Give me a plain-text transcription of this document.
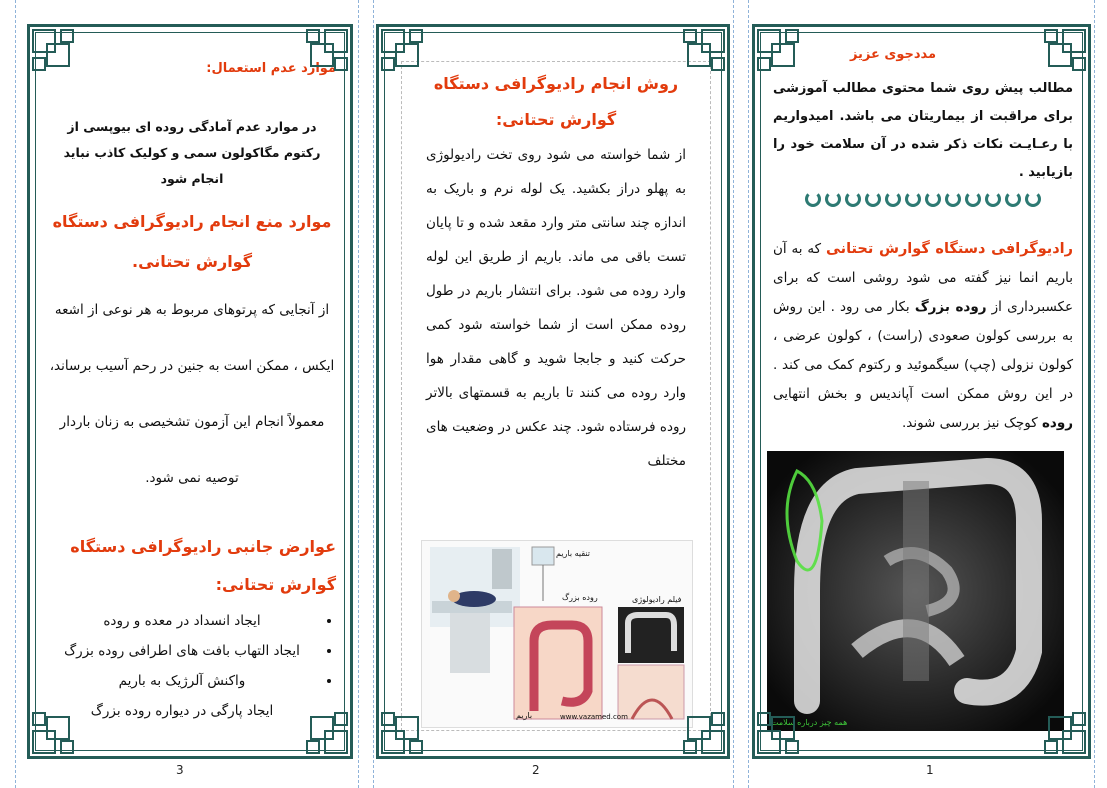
موارد عدم استعمال:
در موارد عدم آمادگی روده ای بیوپسی از رکتوم مگاکولون سمی و کولیک کاذب نباید انجام شود
موارد منع انجام رادیوگرافی دستگاه گوارش تحتانی.
از آنجایی که پرتوهای مربوط به هر نوعی از اشعه ایکس ، ممکن است به جنین در رحم آسیب برساند، معمولاً انجام این آزمون تشخیصی به زنان باردار توصیه نمی شود.
عوارض جانبی رادیوگرافی دستگاه گوارش تحتانی:
• ایجاد انسداد در معده و روده
• ایجاد التهاب بافت های اطرافی روده بزرگ
• واکنش آلرژیک به باریم
ایجاد پارگی در دیواره روده بزرگ
3
روش انجام رادیوگرافی دستگاه گوارش تحتانی:
از شما خواسته می شود روی تخت رادیولوژی به پهلو دراز بکشید. یک لوله نرم و باریک به اندازه چند سانتی متر وارد مقعد شده و تا پایان تست باقی می ماند. باریم از طریق این لوله وارد روده می شود. برای انتشار باریم در طول روده ممکن است از شما خواسته شود کمی حرکت کنید و جابجا شوید و گاهی مقدار هوا وارد روده می کنند تا باریم به قسمتهای بالاتر روده فرستاده شود. چند عکس در وضعیت های مختلف
تنقیه باریم
روده بزرگ	فیلم رادیولوژی
باریم	www.vazamed.com
2
مددجوی عزیز
مطالب پیش روی شما محتوی مطالب آموزشی برای مراقبت از بیماریتان می باشد. امیدواریم با رعـایـت نکات ذکر شده در آن سلامت خود را بازیابید .
رادیوگرافی دستگاه گوارش تحتانی که به آن باریم انما نیز گفته می شود روشی است که برای عکسبرداری از روده بزرگ بکار می رود . این روش به بررسی کولون صعودی (راست) ، کولون عرضی ، کولون نزولی (چپ) سیگموئید و رکتوم کمک می کند . در این روش ممکن است آپاندیس و بخش انتهایی روده کوچک نیز بررسی شوند.
همه چیز درباره سلامت
1
